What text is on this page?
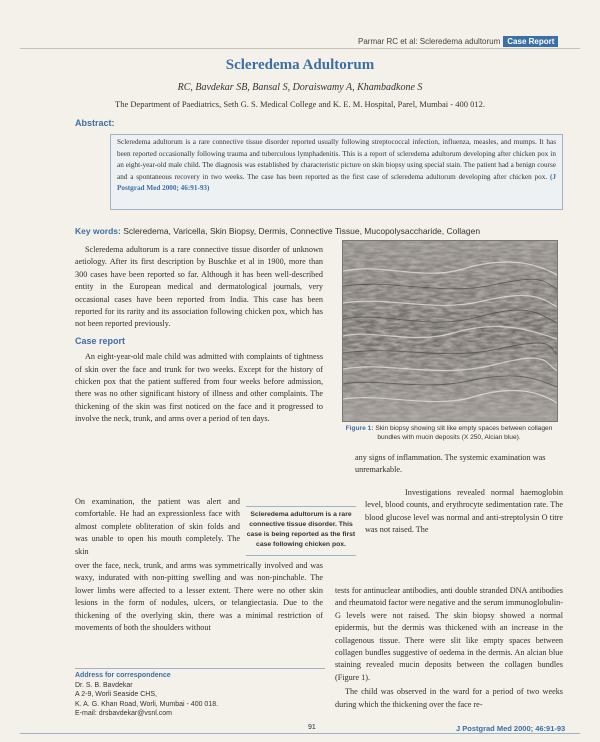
Parmar RC et al: Scleredema adultorum Case Report
Scleredema Adultorum
RC, Bavdekar SB, Bansal S, Doraiswamy A, Khambadkone S
The Department of Paediatrics, Seth G. S. Medical College and K. E. M. Hospital, Parel, Mumbai - 400 012.
Abstract:
Scleredema adultorum is a rare connective tissue disorder reported usually following streptococcal infection, influenza, measles, and mumps. It has been reported occasionally following trauma and tuberculous lymphadenitis. This is a report of scleredema adultorum developing after chicken pox in an eight-year-old male child. The diagnosis was established by characteristic picture on skin biopsy using special stain. The patient had a benign course and a spontaneous recovery in two weeks. The case has been reported as the first case of scleredema adultorum developing after chicken pox. (J Postgrad Med 2000; 46:91-93)
Key words: Scleredema, Varicella, Skin Biopsy, Dermis, Connective Tissue, Mucopolysaccharide, Collagen

Scleredema adultorum is a rare connective tissue disorder of unknown aetiology. After its first description by Buschke et al in 1900, more than 300 cases have been reported so far. Although it has been well-described entity in the European medical and dermatological journals, very occasional cases have been reported from India. This case has been reported for its rarity and its association following chicken pox, which has not been reported previously.

Case report

An eight-year-old male child was admitted with complaints of tightness of skin over the face and trunk for two weeks. Except for the history of chicken pox that the patient suffered from four weeks before admission, there was no other significant history of illness and other complaints. The thickening of the skin was first noticed on the face and it progressed to involve the neck, trunk, and arms over a period of ten days.

Figure 1: Skin biopsy showing slit like empty spaces between collagen bundles with mucin deposits (X 250, Alcian blue).
any signs of inflammation. The systemic examination was unremarkable.
On examination, the patient was alert and comfortable. He had an expressionless face with almost complete obliteration of skin folds and was unable to open his mouth completely. The skin
Scleredema adultorum is a rare connective tissue disorder. This case is being reported as the first case following chicken pox.

Investigations revealed normal haemoglobin level, blood counts, and erythrocyte sedimentation rate. The blood glucose level was normal and anti-streptolysin O titre was not raised. The

over the face, neck, trunk, and arms was symmetrically involved and was waxy, indurated with non-pitting swelling and was non-pinchable. The lower limbs were affected to a lesser extent. There were no other skin lesions in the form of nodules, ulcers, or telangiectasia. Due to the thickening of the overlying skin, there was a minimal restriction of movements of both the shoulders without

tests for antinuclear antibodies, anti double stranded DNA antibodies and rheumatoid factor were negative and the serum immunoglobulin-G levels were not raised. The skin biopsy showed a normal epidermis, but the dermis was thickened with an increase in the collagenous tissue. There were slit like empty spaces between collagen bundles suggestive of oedema in the dermis. An alcian blue staining revealed mucin deposits between the collagen bundles (Figure 1).

The child was observed in the ward for a period of two weeks during which the thickening over the face re-

Address for correspondence
Dr. S. B. Bavdekar
A 2-9, Worli Seaside CHS,
K. A. G. Khan Road, Worli, Mumbai - 400 018.
E-mail: drsbavdekar@vsnl.com
91	J Postgrad Med 2000; 46:91-93
